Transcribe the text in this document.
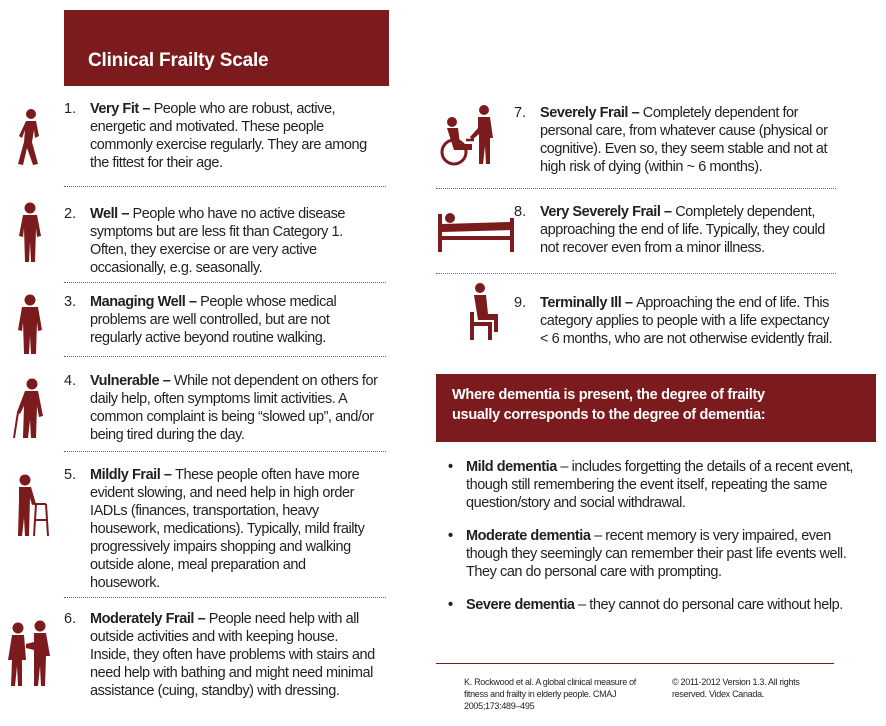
Clinical Frailty Scale
1. Very Fit – People who are robust, active, energetic and motivated. These people commonly exercise regularly. They are among the fittest for their age.
2. Well – People who have no active disease symptoms but are less fit than Category 1. Often, they exercise or are very active occasionally, e.g. seasonally.
3. Managing Well – People whose medical problems are well controlled, but are not regularly active beyond routine walking.
4. Vulnerable – While not dependent on others for daily help, often symptoms limit activities. A common complaint is being “slowed up”, and/or being tired during the day.
5. Mildly Frail – These people often have more evident slowing, and need help in high order IADLs (finances, transportation, heavy housework, medications). Typically, mild frailty progressively impairs shopping and walking outside alone, meal preparation and housework.
6. Moderately Frail – People need help with all outside activities and with keeping house. Inside, they often have problems with stairs and need help with bathing and might need minimal assistance (cuing, standby) with dressing.
7. Severely Frail – Completely dependent for personal care, from whatever cause (physical or cognitive). Even so, they seem stable and not at high risk of dying (within ~ 6 months).
8. Very Severely Frail – Completely dependent, approaching the end of life. Typically, they could not recover even from a minor illness.
9. Terminally Ill – Approaching the end of life. This category applies to people with a life expectancy < 6 months, who are not otherwise evidently frail.
Where dementia is present, the degree of frailty usually corresponds to the degree of dementia:
• Mild dementia – includes forgetting the details of a recent event, though still remembering the event itself, repeating the same question/story and social withdrawal.
• Moderate dementia – recent memory is very impaired, even though they seemingly can remember their past life events well. They can do personal care with prompting.
• Severe dementia – they cannot do personal care without help.
K. Rockwood et al. A global clinical measure of fitness and frailty in elderly people. CMAJ 2005;173:489–495
© 2011-2012 Version 1.3. All rights reserved. Videx Canada.
